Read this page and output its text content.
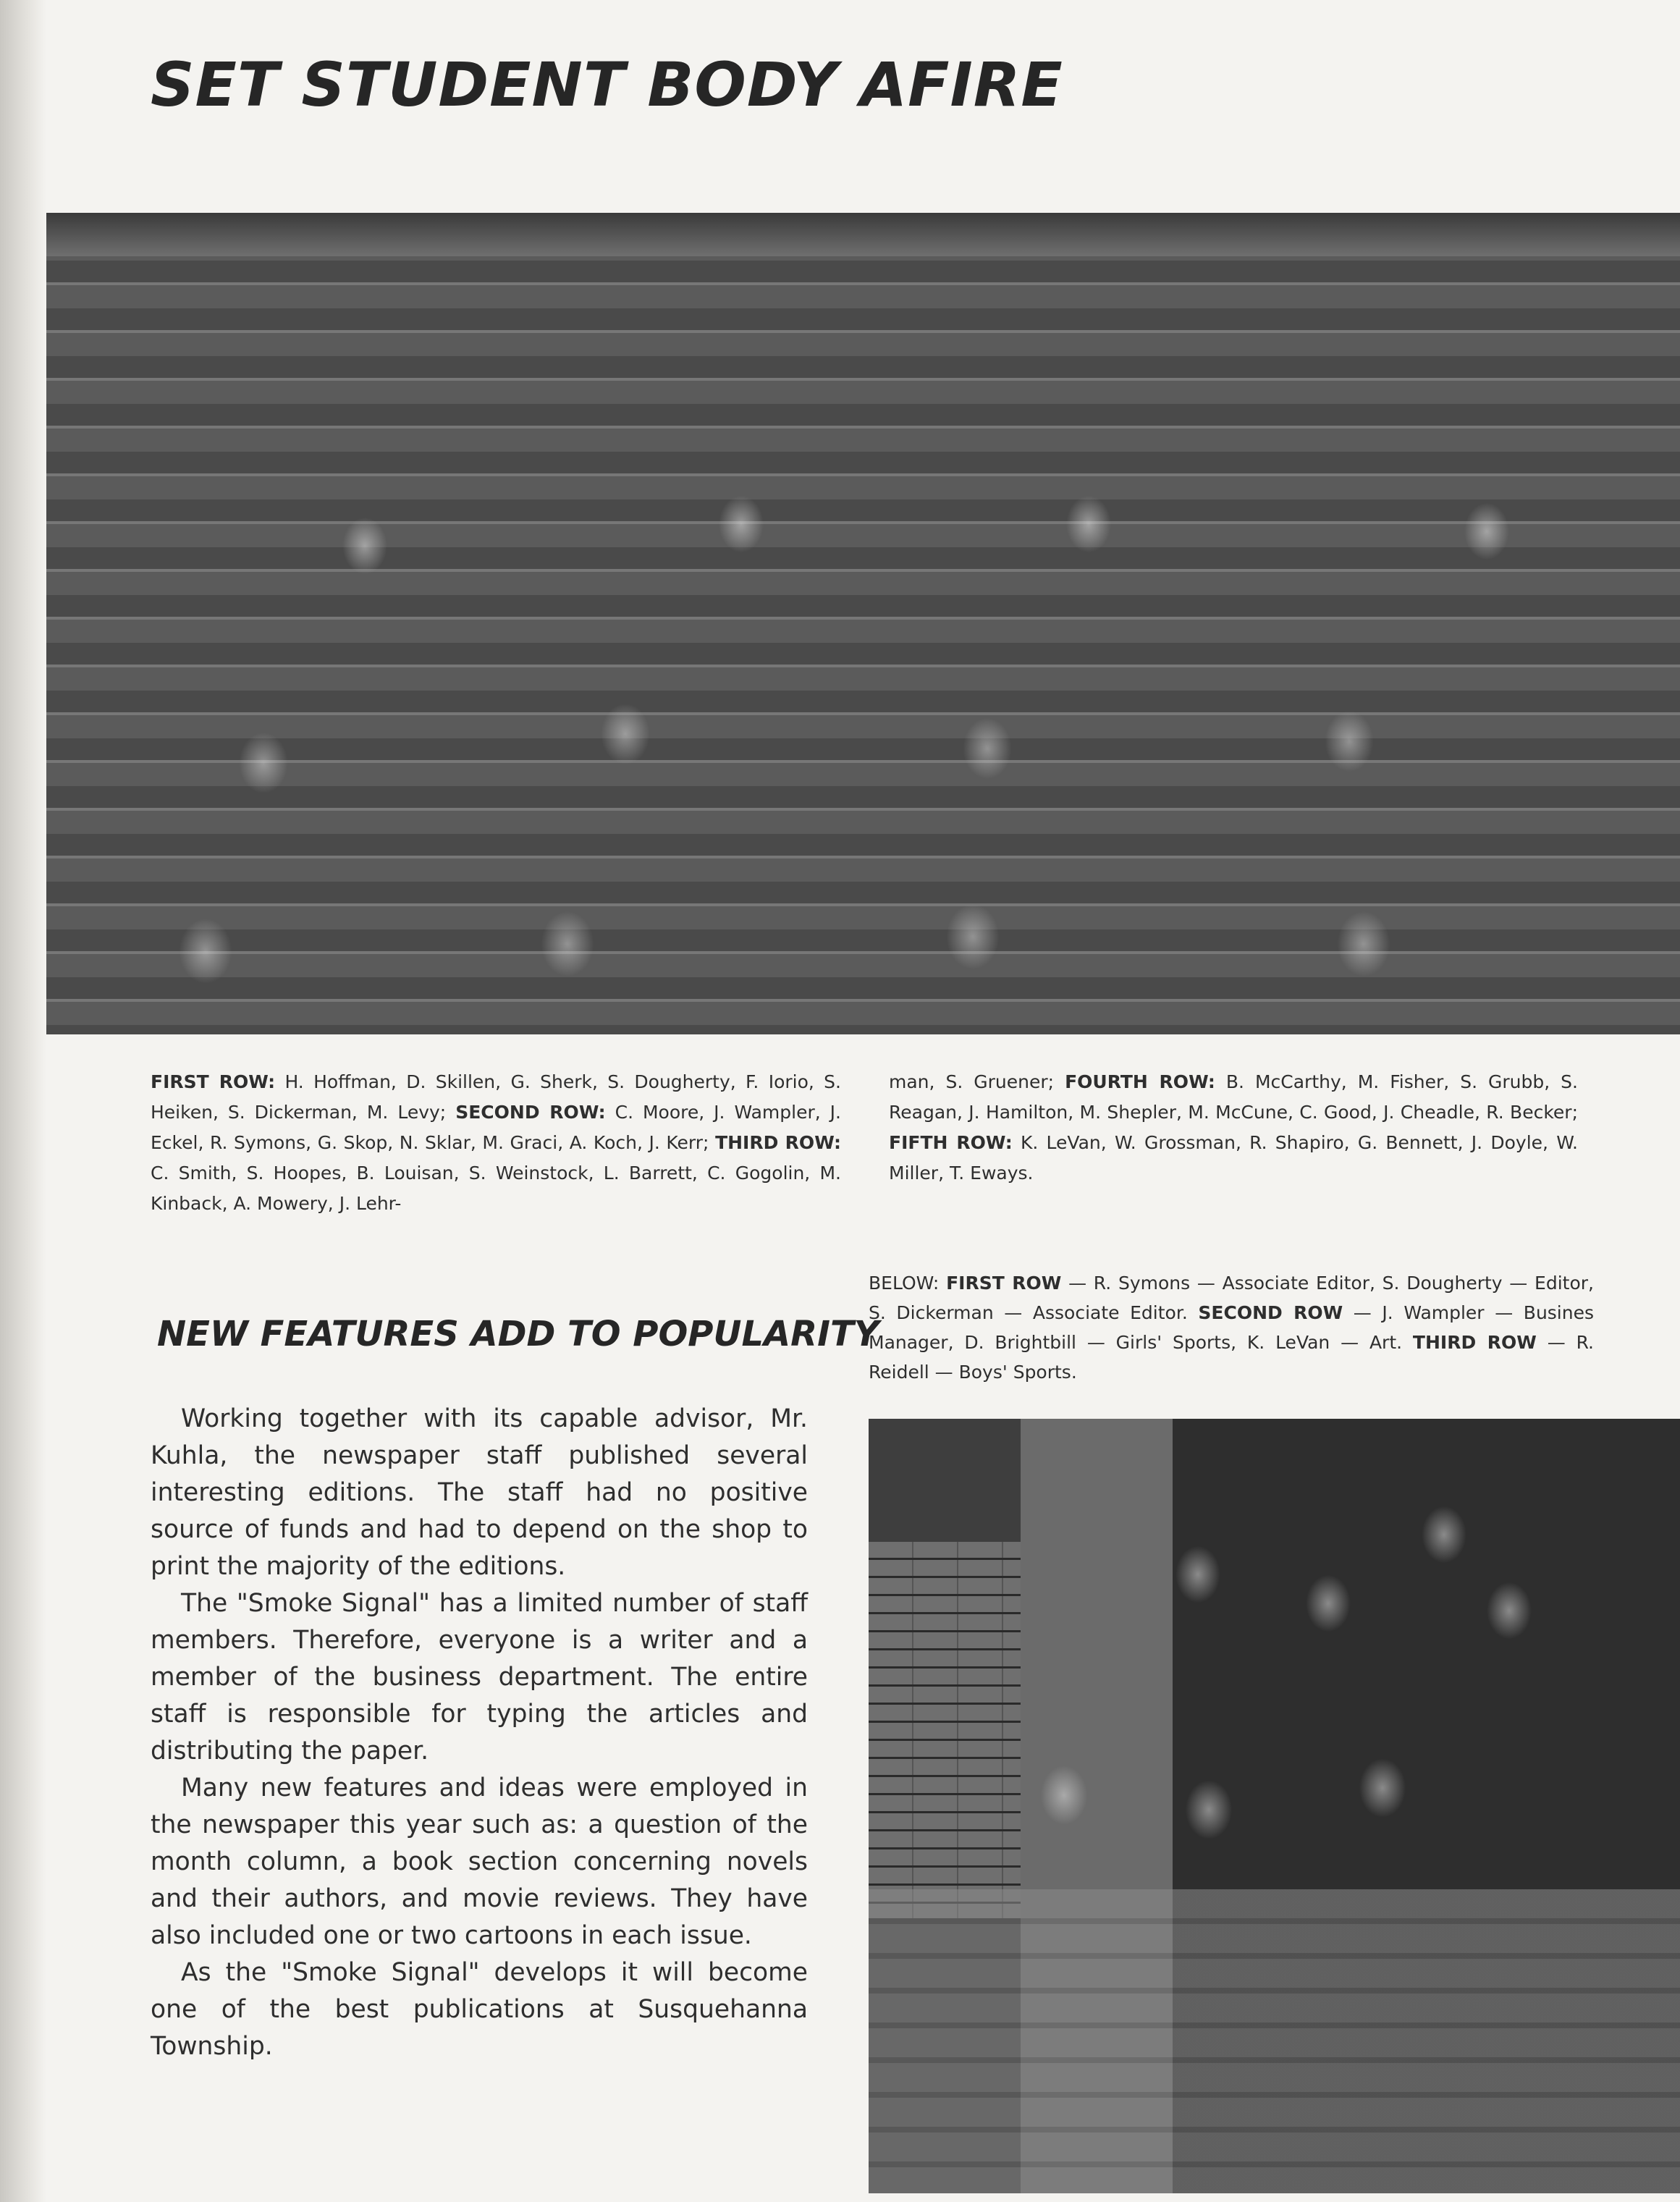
SET STUDENT BODY AFIRE

FIRST ROW: H. Hoffman, D. Skillen, G. Sherk, S. Dougherty, F. Iorio, S. Heiken, S. Dickerman, M. Levy; SECOND ROW: C. Moore, J. Wampler, J. Eckel, R. Symons, G. Skop, N. Sklar, M. Graci, A. Koch, J. Kerr; THIRD ROW: C. Smith, S. Hoopes, B. Louisan, S. Weinstock, L. Barrett, C. Gogolin, M. Kinback, A. Mowery, J. Lehr-

man, S. Gruener; FOURTH ROW: B. McCarthy, M. Fisher, S. Grubb, S. Reagan, J. Hamilton, M. Shepler, M. McCune, C. Good, J. Cheadle, R. Becker; FIFTH ROW: K. LeVan, W. Grossman, R. Shapiro, G. Bennett, J. Doyle, W. Miller, T. Eways.

BELOW: FIRST ROW — R. Symons — Associate Editor, S. Dougherty — Editor, S. Dickerman — Associate Editor. SECOND ROW — J. Wampler — Busines Manager, D. Brightbill — Girls' Sports, K. LeVan — Art. THIRD ROW — R. Reidell — Boys' Sports.

NEW FEATURES ADD TO POPULARITY

Working together with its capable advisor, Mr. Kuhla, the newspaper staff published several interesting editions. The staff had no positive source of funds and had to depend on the shop to print the majority of the editions.

The "Smoke Signal" has a limited number of staff members. Therefore, everyone is a writer and a member of the business department. The entire staff is responsible for typing the articles and distributing the paper.

Many new features and ideas were employed in the newspaper this year such as: a question of the month column, a book section concerning novels and their authors, and movie reviews. They have also included one or two cartoons in each issue.

As the "Smoke Signal" develops it will become one of the best publications at Susquehanna Township.
